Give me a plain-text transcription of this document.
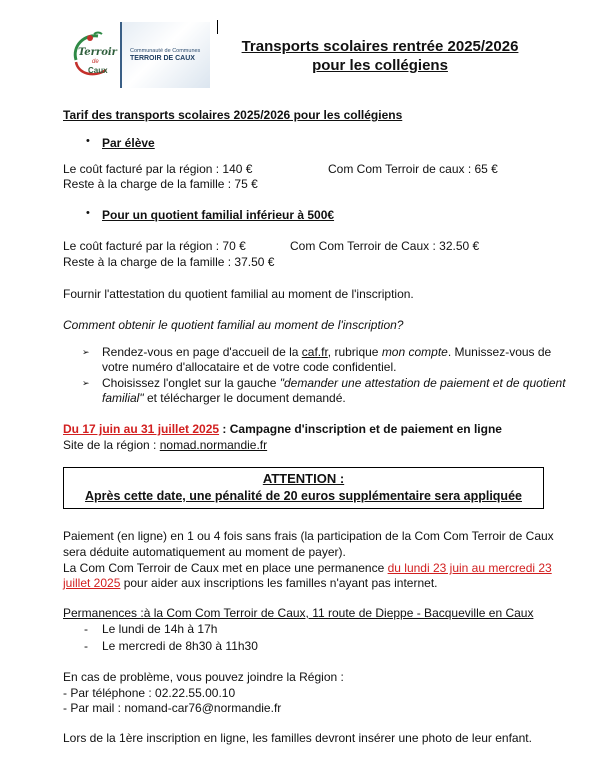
Terroir
de
Caux
Communauté de Communes
TERROIR DE CAUX
Transports scolaires rentrée 2025/2026
pour les collégiens
Tarif des transports scolaires 2025/2026 pour les collégiens
• Par élève
Le coût facturé par la région : 140 €	Com Com Terroir de caux : 65 €
Reste à la charge de la famille : 75 €
• Pour un quotient familial inférieur à 500€
Le coût facturé par la région : 70 €	Com Com Terroir de Caux : 32.50 €
Reste à la charge de la famille : 37.50 €
Fournir l'attestation du quotient familial au moment de l'inscription.
Comment obtenir le quotient familial au moment de l'inscription?
➢ Rendez-vous en page d'accueil de la caf.fr, rubrique mon compte. Munissez-vous de
votre numéro d'allocataire et de votre code confidentiel.
➢ Choisissez l'onglet sur la gauche "demander une attestation de paiement et de quotient
familial" et télécharger le document demandé.
Du 17 juin au 31 juillet 2025 : Campagne d'inscription et de paiement en ligne
Site de la région : nomad.normandie.fr
ATTENTION :
Après cette date, une pénalité de 20 euros supplémentaire sera appliquée
Paiement (en ligne) en 1 ou 4 fois sans frais (la participation de la Com Com Terroir de Caux
sera déduite automatiquement au moment de payer).
La Com Com Terroir de Caux met en place une permanence du lundi 23 juin au mercredi 23
juillet 2025 pour aider aux inscriptions les familles n'ayant pas internet.
Permanences :à la Com Com Terroir de Caux, 11 route de Dieppe - Bacqueville en Caux
- Le lundi de 14h à 17h
- Le mercredi de 8h30 à 11h30
En cas de problème, vous pouvez joindre la Région :
- Par téléphone : 02.22.55.00.10
- Par mail : nomand-car76@normandie.fr
Lors de la 1ère inscription en ligne, les familles devront insérer une photo de leur enfant.
